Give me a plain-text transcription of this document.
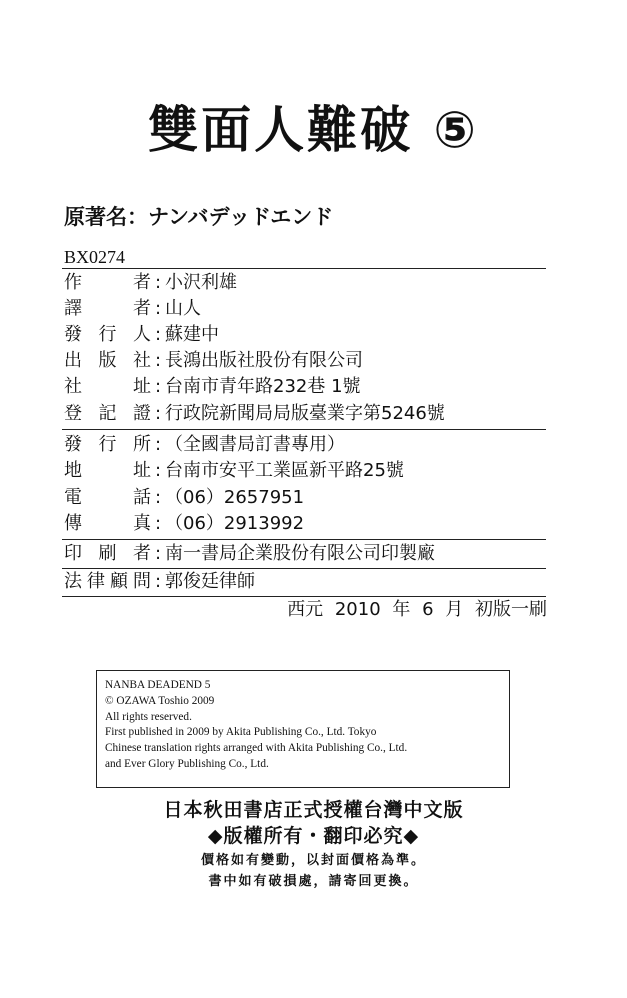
雙面人難破 ⑤
原著名：ナンバデッドエンド
BX0274
作者 : 小沢利雄
譯者 : 山人
發行人 : 蘇建中
出版社 : 長鴻出版社股份有限公司
社址 : 台南市青年路232巷 1號
登記證 : 行政院新聞局局版臺業字第5246號
發行所 : （全國書局訂書專用）
地址 : 台南市安平工業區新平路25號
電話 : （06）2657951
傳真 : （06）2913992
印刷者 : 南一書局企業股份有限公司印製廠
法律顧問 : 郭俊廷律師
西元 2010 年 6 月 初版一刷
NANBA DEADEND 5
© OZAWA Toshio 2009
All rights reserved.
First published in 2009 by Akita Publishing Co., Ltd. Tokyo
Chinese translation rights arranged with Akita Publishing Co., Ltd.
and Ever Glory Publishing Co., Ltd.
日本秋田書店正式授權台灣中文版
◆版權所有・翻印必究◆
價格如有變動，以封面價格為準。
書中如有破損處，請寄回更換。
